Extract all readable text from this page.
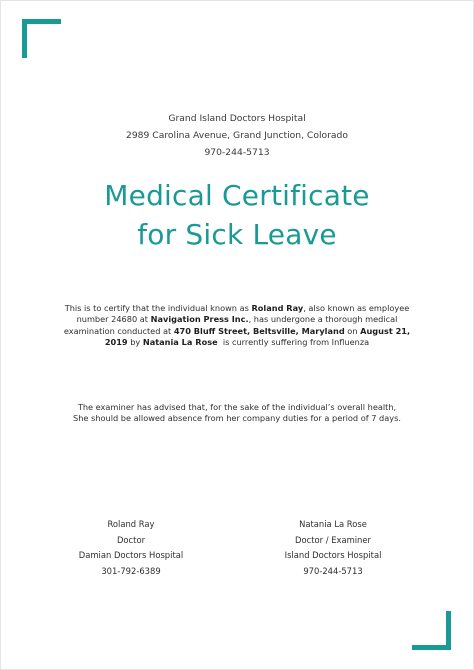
Grand Island Doctors Hospital
2989 Carolina Avenue, Grand Junction, Colorado
970-244-5713
Medical Certificate
for Sick Leave
This is to certify that the individual known as Roland Ray, also known as employee number 24680 at Navigation Press Inc., has undergone a thorough medical examination conducted at 470 Bluff Street, Beltsville, Maryland on August 21, 2019 by Natania La Rose  is currently suffering from Influenza
The examiner has advised that, for the sake of the individual’s overall health,
She should be allowed absence from her company duties for a period of 7 days.
Roland Ray
Doctor
Damian Doctors Hospital
301-792-6389
Natania La Rose
Doctor / Examiner
Island Doctors Hospital
970-244-5713
